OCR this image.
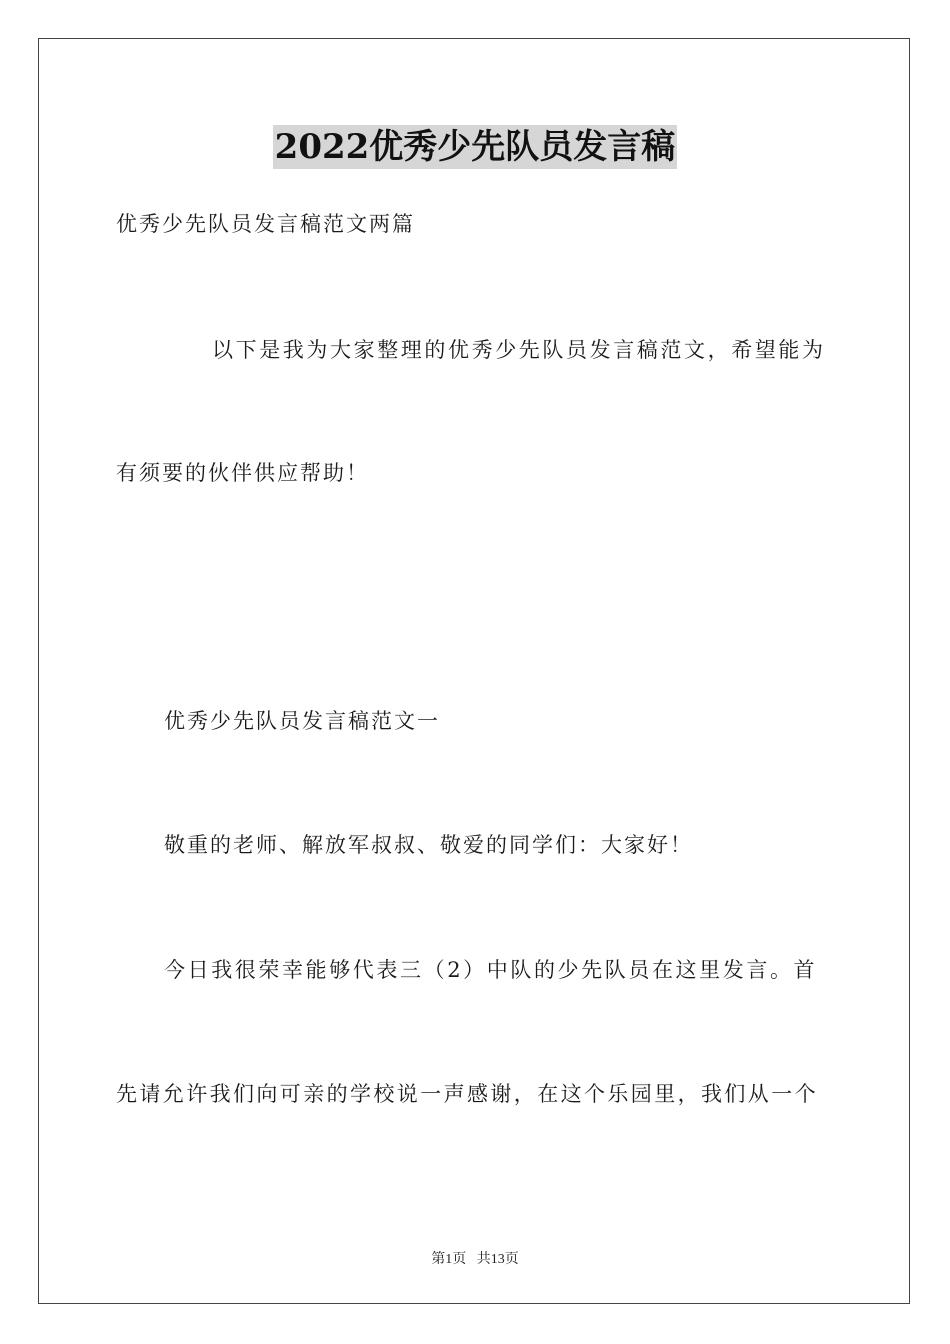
2022优秀少先队员发言稿
优秀少先队员发言稿范文两篇
以下是我为大家整理的优秀少先队员发言稿范文，希望能为
有须要的伙伴供应帮助！
优秀少先队员发言稿范文一
敬重的老师、解放军叔叔、敬爱的同学们：大家好！
今日我很荣幸能够代表三（2）中队的少先队员在这里发言。首
先请允许我们向可亲的学校说一声感谢，在这个乐园里，我们从一个
第1页   共13页
